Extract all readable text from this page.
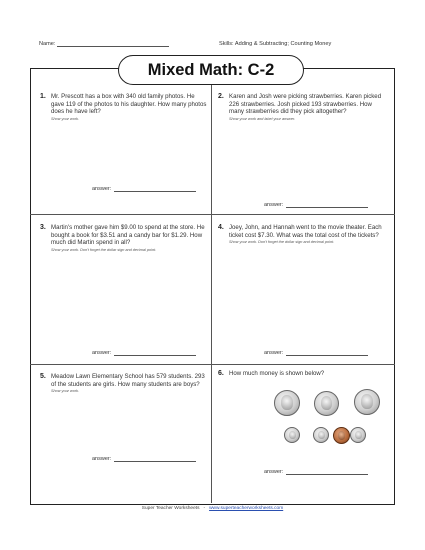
Name:	Skills: Adding & Subtracting; Counting Money
Mixed Math: C-2
1. Mr. Prescott has a box with 340 old family photos. He gave 119 of the photos to his daughter. How many photos does he have left?
Show your work.
answer:
2. Karen and Josh were picking strawberries. Karen picked 226 strawberries. Josh picked 193 strawberries. How many strawberries did they pick altogether?
Show your work and label your answer.
answer:
3. Martin's mother gave him $9.00 to spend at the store. He bought a book for $3.51 and a candy bar for $1.29. How much did Martin spend in all?
Show your work. Don't forget the dollar sign and decimal point.
answer:
4. Joey, John, and Hannah went to the movie theater. Each ticket cost $7.30. What was the total cost of the tickets?
Show your work. Don't forget the dollar sign and decimal point.
answer:
5. Meadow Lawn Elementary School has 579 students. 293 of the students are girls. How many students are boys?
Show your work.
answer:
6. How much money is shown below?
answer:
Super Teacher Worksheets - www.superteacherworksheets.com
